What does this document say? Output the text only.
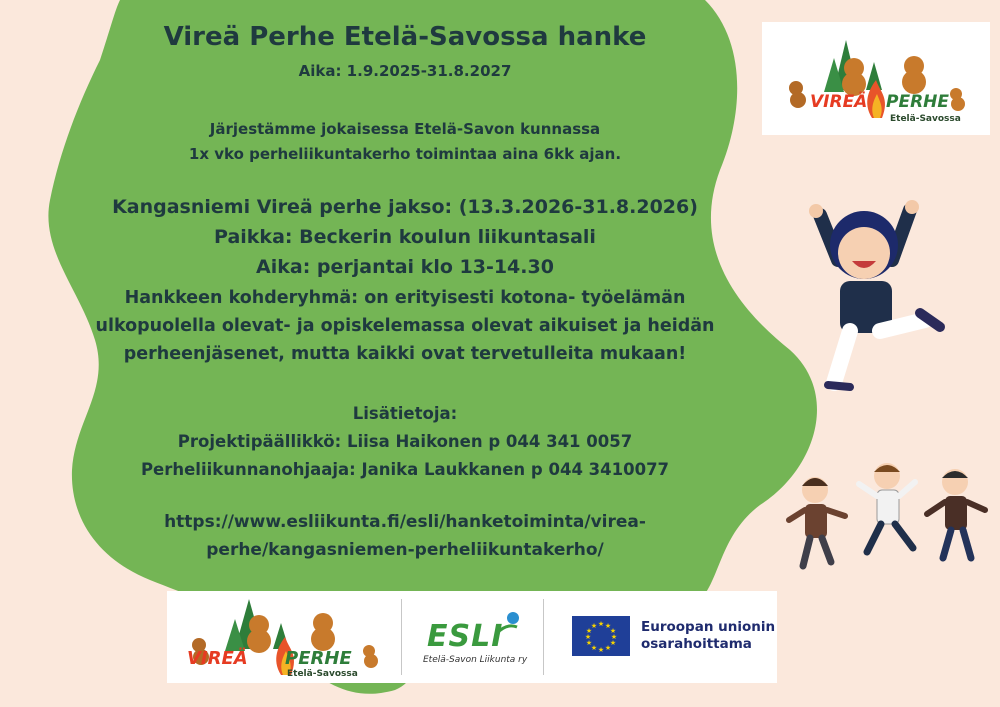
Vireä Perhe Etelä-Savossa hanke
Aika: 1.9.2025-31.8.2027
Järjestämme jokaisessa Etelä-Savon kunnassa
1x vko perheliikuntakerho toimintaa aina 6kk ajan.
Kangasniemi Vireä perhe jakso: (13.3.2026-31.8.2026)
Paikka: Beckerin koulun liikuntasali
Aika: perjantai klo 13-14.30
Hankkeen kohderyhmä: on erityisesti kotona- työelämän
ulkopuolella olevat- ja opiskelemassa olevat aikuiset ja heidän
perheenjäsenet, mutta kaikki ovat tervetulleita mukaan!
Lisätietoja:
Projektipäällikkö: Liisa Haikonen p 044 341 0057
Perheliikunnanohjaaja: Janika Laukkanen p 044 3410077
https://www.esliikunta.fi/esli/hanketoiminta/virea-
perhe/kangasniemen-perheliikuntakerho/
VIREÄ PERHE
Etelä-Savossa
VIREÄ PERHE
Etelä-Savossa
ESLI
Etelä-Savon Liikunta ry
★ ★
★
★
★
★
★
★
★
★
★
★	Euroopan unionin
osarahoittama
